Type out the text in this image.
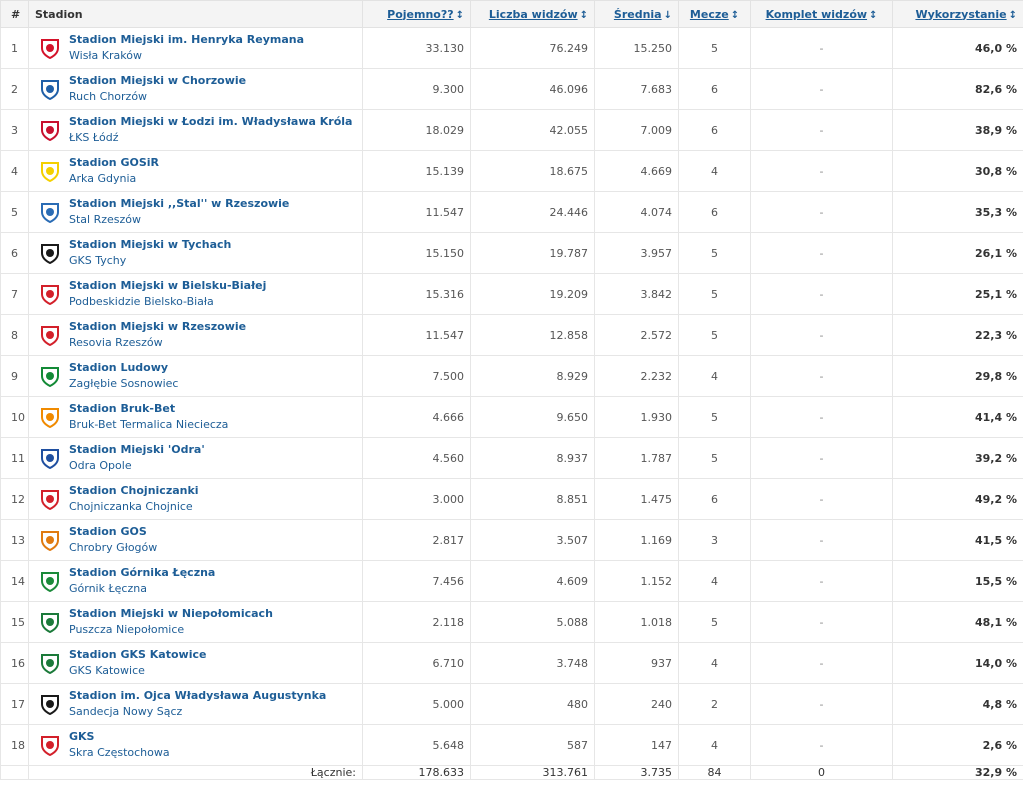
#	Stadion	Pojemno?? ↕	Liczba widzów ↕	Średnia ↓	Mecze ↕	Komplet widzów ↕	Wykorzystanie ↕
1	Stadion Miejski im. Henryka Reymana
Wisła Kraków	33.130	76.249	15.250	5	-	46,0 %
2	Stadion Miejski w Chorzowie
Ruch Chorzów	9.300	46.096	7.683	6	-	82,6 %
3	Stadion Miejski w Łodzi im. Władysława Króla
ŁKS Łódź	18.029	42.055	7.009	6	-	38,9 %
4	Stadion GOSiR
Arka Gdynia	15.139	18.675	4.669	4	-	30,8 %
5	Stadion Miejski ,,Stal'' w Rzeszowie
Stal Rzeszów	11.547	24.446	4.074	6	-	35,3 %
6	Stadion Miejski w Tychach
GKS Tychy	15.150	19.787	3.957	5	-	26,1 %
7	Stadion Miejski w Bielsku-Białej
Podbeskidzie Bielsko-Biała	15.316	19.209	3.842	5	-	25,1 %
8	Stadion Miejski w Rzeszowie
Resovia Rzeszów	11.547	12.858	2.572	5	-	22,3 %
9	Stadion Ludowy
Zagłębie Sosnowiec	7.500	8.929	2.232	4	-	29,8 %
10	Stadion Bruk-Bet
Bruk-Bet Termalica Nieciecza	4.666	9.650	1.930	5	-	41,4 %
11	Stadion Miejski 'Odra'
Odra Opole	4.560	8.937	1.787	5	-	39,2 %
12	Stadion Chojniczanki
Chojniczanka Chojnice	3.000	8.851	1.475	6	-	49,2 %
13	Stadion GOS
Chrobry Głogów	2.817	3.507	1.169	3	-	41,5 %
14	Stadion Górnika Łęczna
Górnik Łęczna	7.456	4.609	1.152	4	-	15,5 %
15	Stadion Miejski w Niepołomicach
Puszcza Niepołomice	2.118	5.088	1.018	5	-	48,1 %
16	Stadion GKS Katowice
GKS Katowice	6.710	3.748	937	4	-	14,0 %
17	Stadion im. Ojca Władysława Augustynka
Sandecja Nowy Sącz	5.000	480	240	2	-	4,8 %
18	GKS
Skra Częstochowa	5.648	587	147	4	-	2,6 %
	Łącznie:	178.633	313.761	3.735	84	0	32,9 %
